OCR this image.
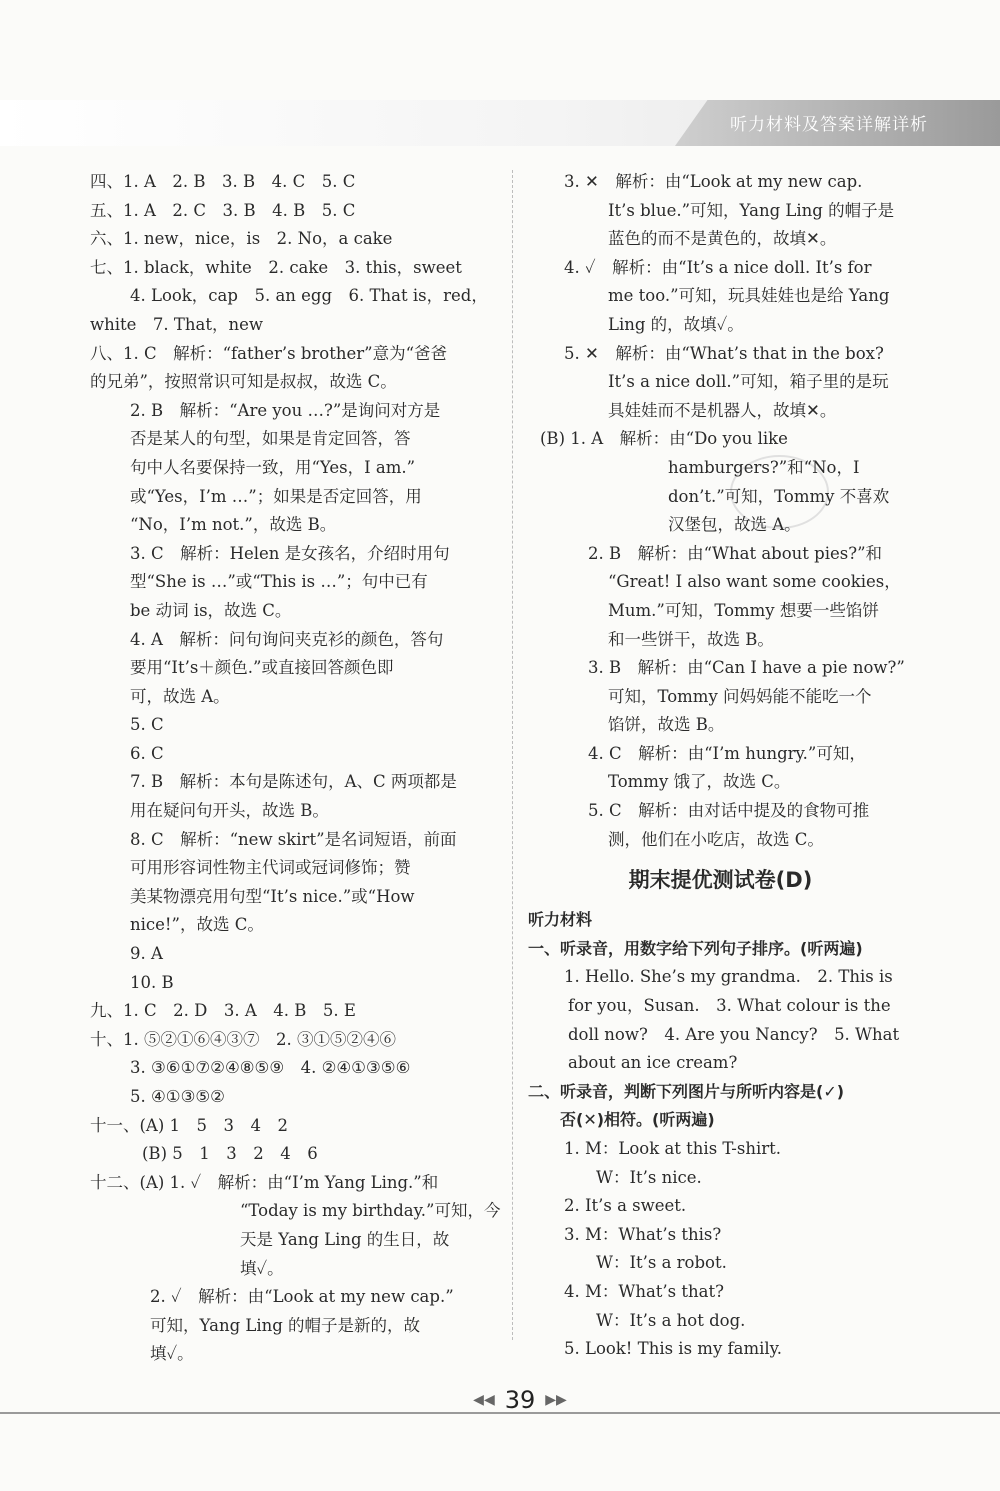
听力材料及答案详解详析
四、1. A　2. B　3. B　4. C　5. C
五、1. A　2. C　3. B　4. B　5. C
六、1. new，nice，is　2. No，a cake
七、1. black，white　2. cake　3. this，sweet
4. Look，cap　5. an egg　6. That is，red，
white　7. That，new
八、1. C　解析：“father’s brother”意为“爸爸
的兄弟”，按照常识可知是叔叔，故选 C。
2. B　解析：“Are you …?”是询问对方是
否是某人的句型，如果是肯定回答，答
句中人名要保持一致，用“Yes，I am.”
或“Yes，I’m …”；如果是否定回答，用
“No，I’m not.”，故选 B。
3. C　解析：Helen 是女孩名，介绍时用句
型“She is …”或“This is …”；句中已有
be 动词 is，故选 C。
4. A　解析：问句询问夹克衫的颜色，答句
要用“It’s＋颜色.”或直接回答颜色即
可，故选 A。
5. C
6. C
7. B　解析：本句是陈述句，A、C 两项都是
用在疑问句开头，故选 B。
8. C　解析：“new skirt”是名词短语，前面
可用形容词性物主代词或冠词修饰；赞
美某物漂亮用句型“It’s nice.”或“How
nice!”，故选 C。
9. A
10. B
九、1. C　2. D　3. A　4. B　5. E
十、1. ⑤②①⑥④③⑦　2. ③①⑤②④⑥
3. ③⑥①⑦②④⑧⑤⑨　4. ②④①③⑤⑥
5. ④①③⑤②
十一、(A) 1　5　3　4　2
(B) 5　1　3　2　4　6
十二、(A) 1. ✓　解析：由“I’m Yang Ling.”和
“Today is my birthday.”可知，今
天是 Yang Ling 的生日，故
填✓。
2. ✓　解析：由“Look at my new cap.”
可知，Yang Ling 的帽子是新的，故
填✓。
3. ✕　解析：由“Look at my new cap.
It’s blue.”可知，Yang Ling 的帽子是
蓝色的而不是黄色的，故填✕。
4. ✓　解析：由“It’s a nice doll. It’s for
me too.”可知，玩具娃娃也是给 Yang
Ling 的，故填✓。
5. ✕　解析：由“What’s that in the box?
It’s a nice doll.”可知，箱子里的是玩
具娃娃而不是机器人，故填✕。
(B) 1. A　解析：由“Do you like
hamburgers?”和“No，I
don’t.”可知，Tommy 不喜欢
汉堡包，故选 A。
2. B　解析：由“What about pies?”和
“Great! I also want some cookies，
Mum.”可知，Tommy 想要一些馅饼
和一些饼干，故选 B。
3. B　解析：由“Can I have a pie now?”
可知，Tommy 问妈妈能不能吃一个
馅饼，故选 B。
4. C　解析：由“I’m hungry.”可知，
Tommy 饿了，故选 C。
5. C　解析：由对话中提及的食物可推
测，他们在小吃店，故选 C。
期末提优测试卷(D)
听力材料
一、听录音，用数字给下列句子排序。(听两遍)
1. Hello. She’s my grandma.　2. This is
for you，Susan.　3. What colour is the
doll now?　4. Are you Nancy?　5. What
about an ice cream?
二、听录音，判断下列图片与所听内容是(✓)
否(✕)相符。(听两遍)
1. M：Look at this T-shirt.
W：It’s nice.
2. It’s a sweet.
3. M：What’s this?
W：It’s a robot.
4. M：What’s that?
W：It’s a hot dog.
5. Look! This is my family.
◀◀ 39 ▶▶
